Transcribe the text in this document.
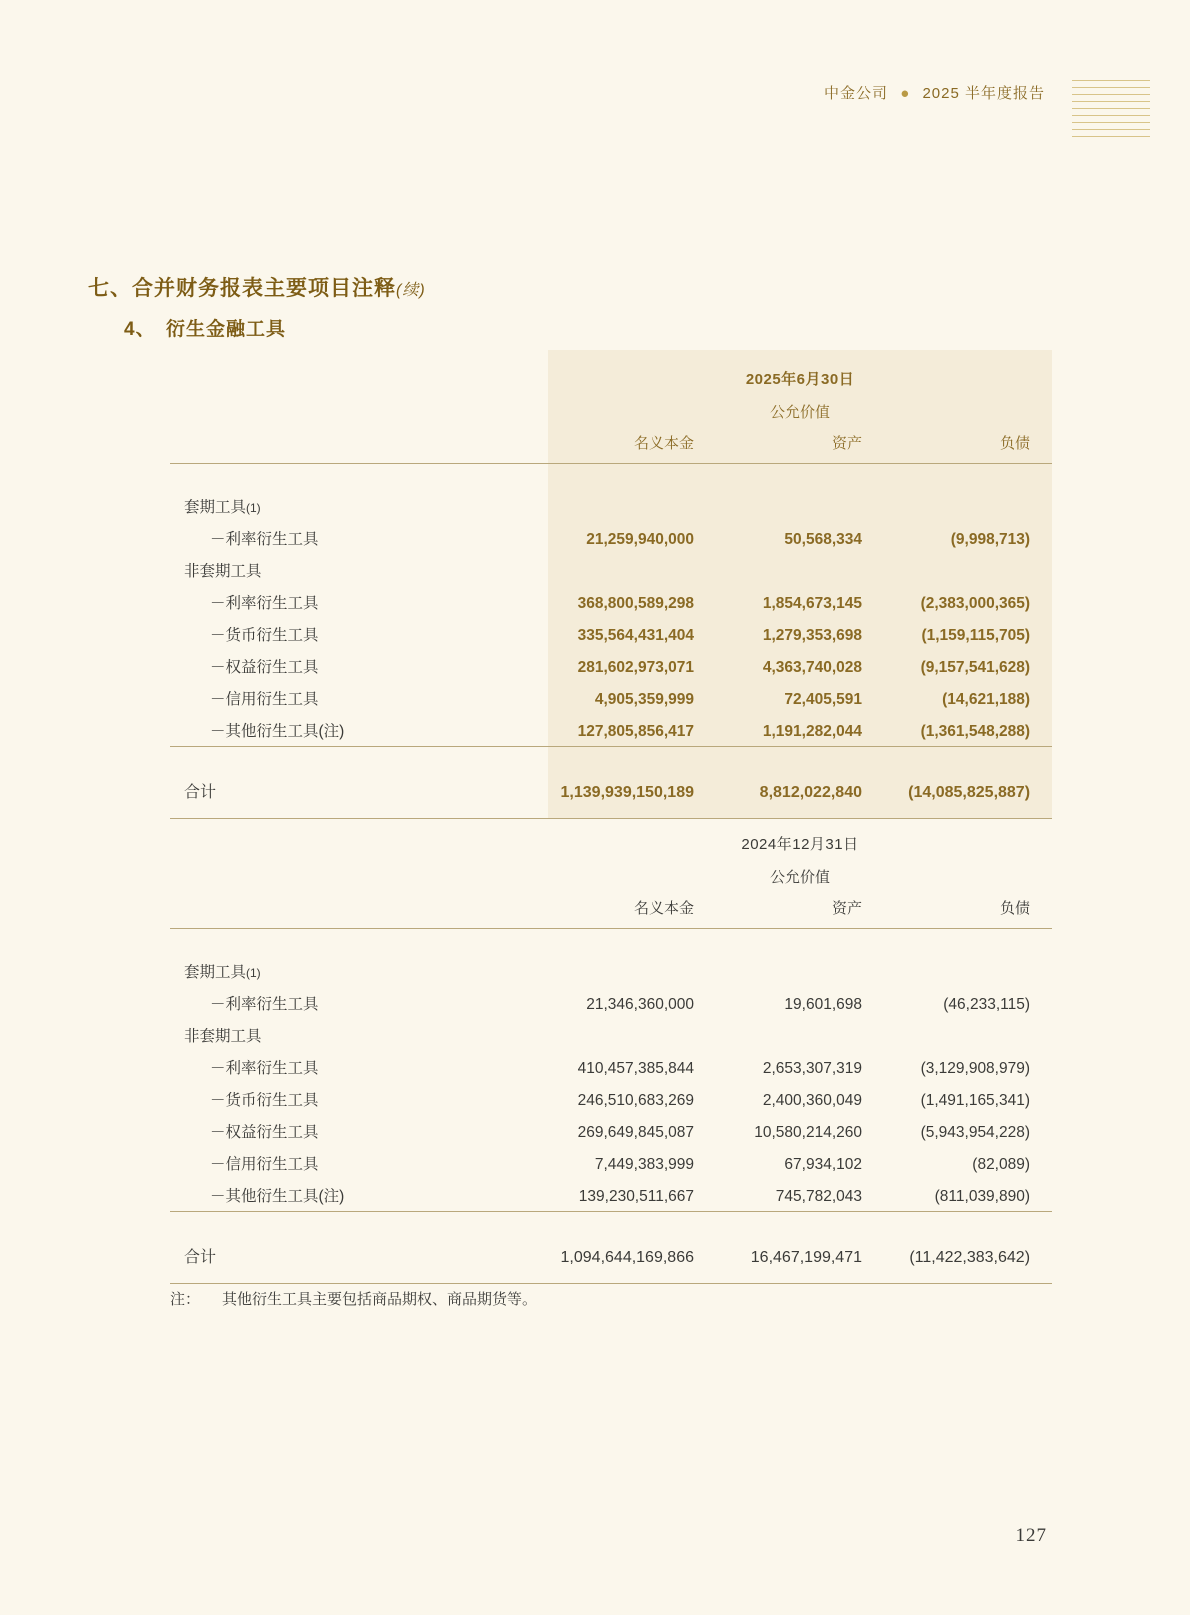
中金公司 ● 2025 半年度报告
七、合并财务报表主要项目注释(续)
4、 衍生金融工具
	2025年6月30日		
	公允价值		
	名义本金	资产	负债

套期工具(1)			
－利率衍生工具	21,259,940,000	50,568,334	(9,998,713)
非套期工具			
－利率衍生工具	368,800,589,298	1,854,673,145	(2,383,000,365)
－货币衍生工具	335,564,431,404	1,279,353,698	(1,159,115,705)
－权益衍生工具	281,602,973,071	4,363,740,028	(9,157,541,628)
－信用衍生工具	4,905,359,999	72,405,591	(14,621,188)
－其他衍生工具(注)	127,805,856,417	1,191,282,044	(1,361,548,288)

合计	1,139,939,150,189	8,812,022,840	(14,085,825,887)

	2024年12月31日		
	公允价值		
	名义本金	资产	负债

套期工具(1)			
－利率衍生工具	21,346,360,000	19,601,698	(46,233,115)
非套期工具			
－利率衍生工具	410,457,385,844	2,653,307,319	(3,129,908,979)
－货币衍生工具	246,510,683,269	2,400,360,049	(1,491,165,341)
－权益衍生工具	269,649,845,087	10,580,214,260	(5,943,954,228)
－信用衍生工具	7,449,383,999	67,934,102	(82,089)
－其他衍生工具(注)	139,230,511,667	745,782,043	(811,039,890)

合计	1,094,644,169,866	16,467,199,471	(11,422,383,642)

注： 其他衍生工具主要包括商品期权、商品期货等。
127
